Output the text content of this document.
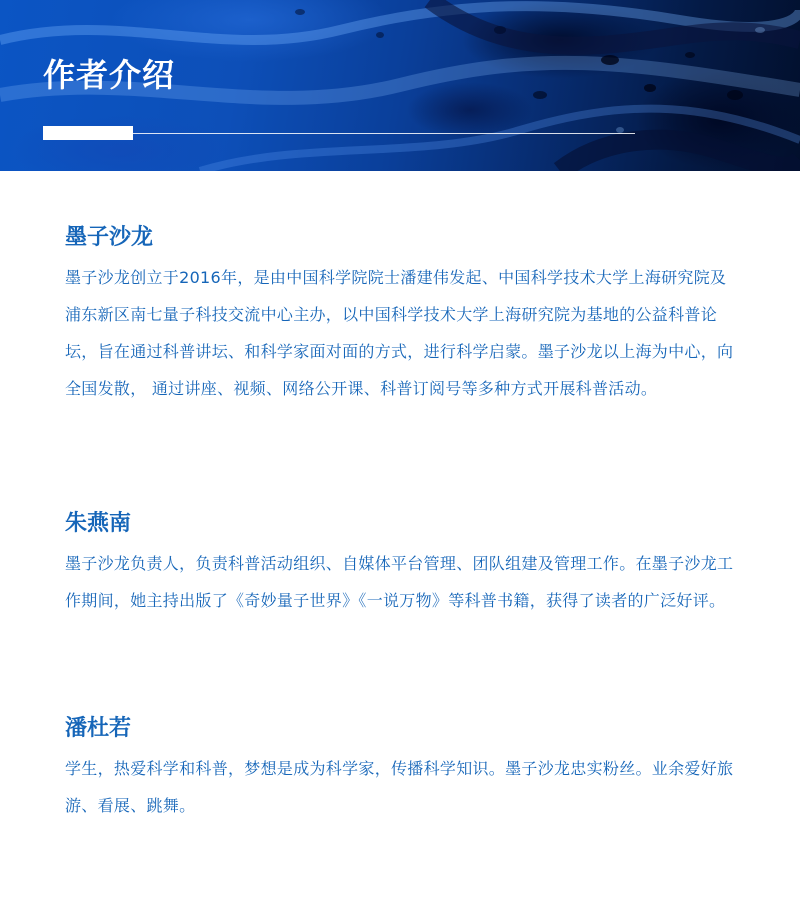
作者介绍
墨子沙龙

墨子沙龙创立于2016年，是由中国科学院院士潘建伟发起、中国科学技术大学上海研究院及浦东新区南七量子科技交流中心主办，以中国科学技术大学上海研究院为基地的公益科普论坛，旨在通过科普讲坛、和科学家面对面的方式，进行科学启蒙。墨子沙龙以上海为中心，向全国发散， 通过讲座、视频、网络公开课、科普订阅号等多种方式开展科普活动。

朱燕南

墨子沙龙负责人，负责科普活动组织、自媒体平台管理、团队组建及管理工作。在墨子沙龙工作期间，她主持出版了《奇妙量子世界》《一说万物》等科普书籍，获得了读者的广泛好评。

潘杜若

学生，热爱科学和科普，梦想是成为科学家，传播科学知识。墨子沙龙忠实粉丝。业余爱好旅游、看展、跳舞。
